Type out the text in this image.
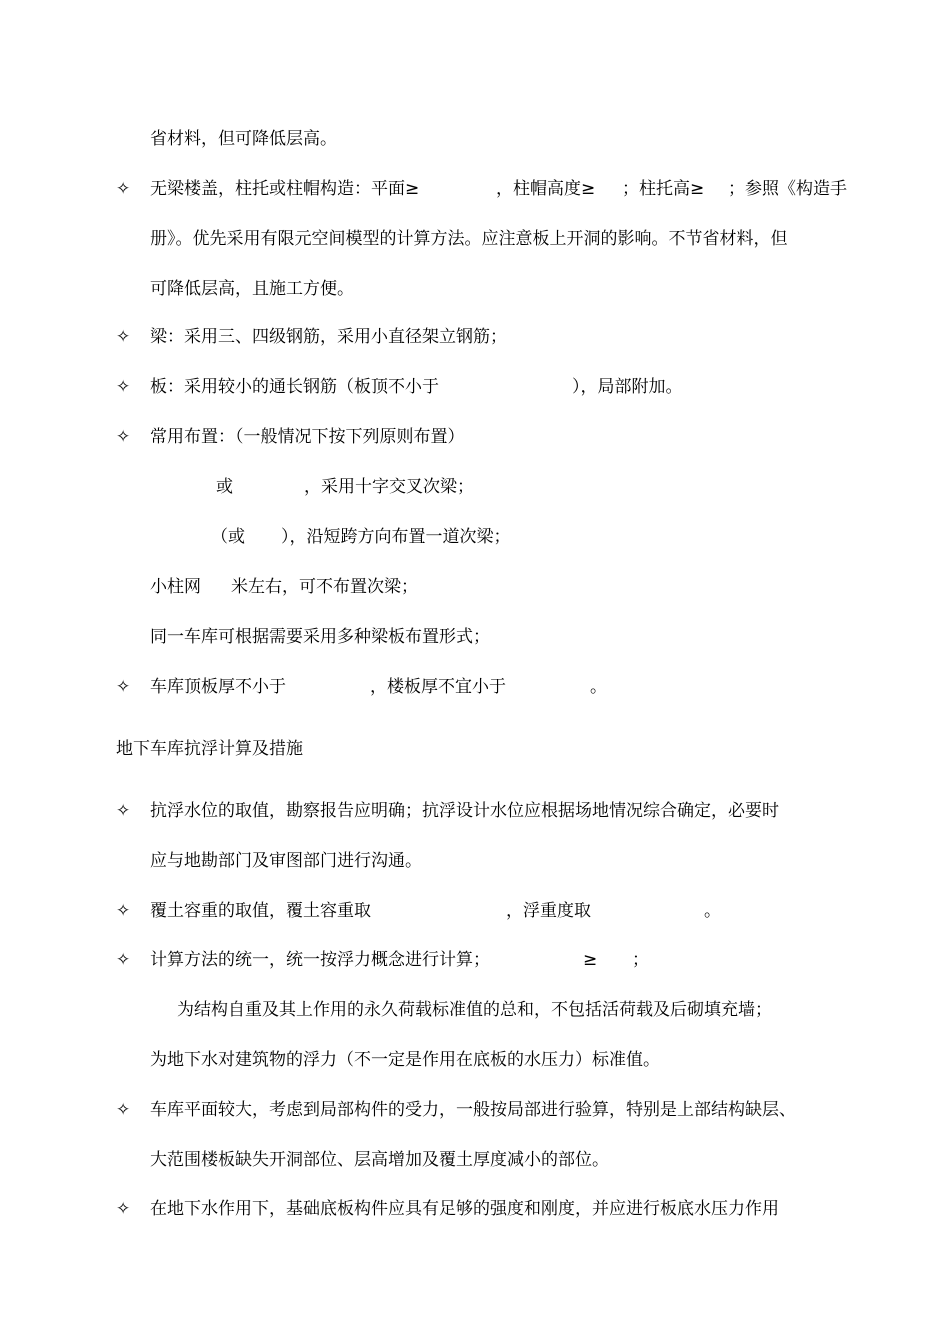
省材料，但可降低层高。
✧ 无梁楼盖，柱托或柱帽构造：平面≥	，柱帽高度≥ ；柱托高≥ ；参照《构造手
册》。优先采用有限元空间模型的计算方法。应注意板上开洞的影响。不节省材料，但
可降低层高，且施工方便。
✧ 梁：采用三、四级钢筋，采用小直径架立钢筋；
✧ 板：采用较小的通长钢筋（板顶不小于	），局部附加。
✧ 常用布置：（一般情况下按下列原则布置）
或	，采用十字交叉次梁；
（或 ），沿短跨方向布置一道次梁；
小柱网 米左右，可不布置次梁；
同一车库可根据需要采用多种梁板布置形式；
✧ 车库顶板厚不小于	，楼板厚不宜小于	。
地下车库抗浮计算及措施
✧ 抗浮水位的取值，勘察报告应明确；抗浮设计水位应根据场地情况综合确定，必要时
应与地勘部门及审图部门进行沟通。
✧ 覆土容重的取值，覆土容重取	，浮重度取	。
✧ 计算方法的统一，统一按浮力概念进行计算；	≥ ；
为结构自重及其上作用的永久荷载标准值的总和，不包括活荷载及后砌填充墙；
为地下水对建筑物的浮力（不一定是作用在底板的水压力）标准值。
✧ 车库平面较大，考虑到局部构件的受力，一般按局部进行验算，特别是上部结构缺层、
大范围楼板缺失开洞部位、层高增加及覆土厚度减小的部位。
✧ 在地下水作用下，基础底板构件应具有足够的强度和刚度，并应进行板底水压力作用
